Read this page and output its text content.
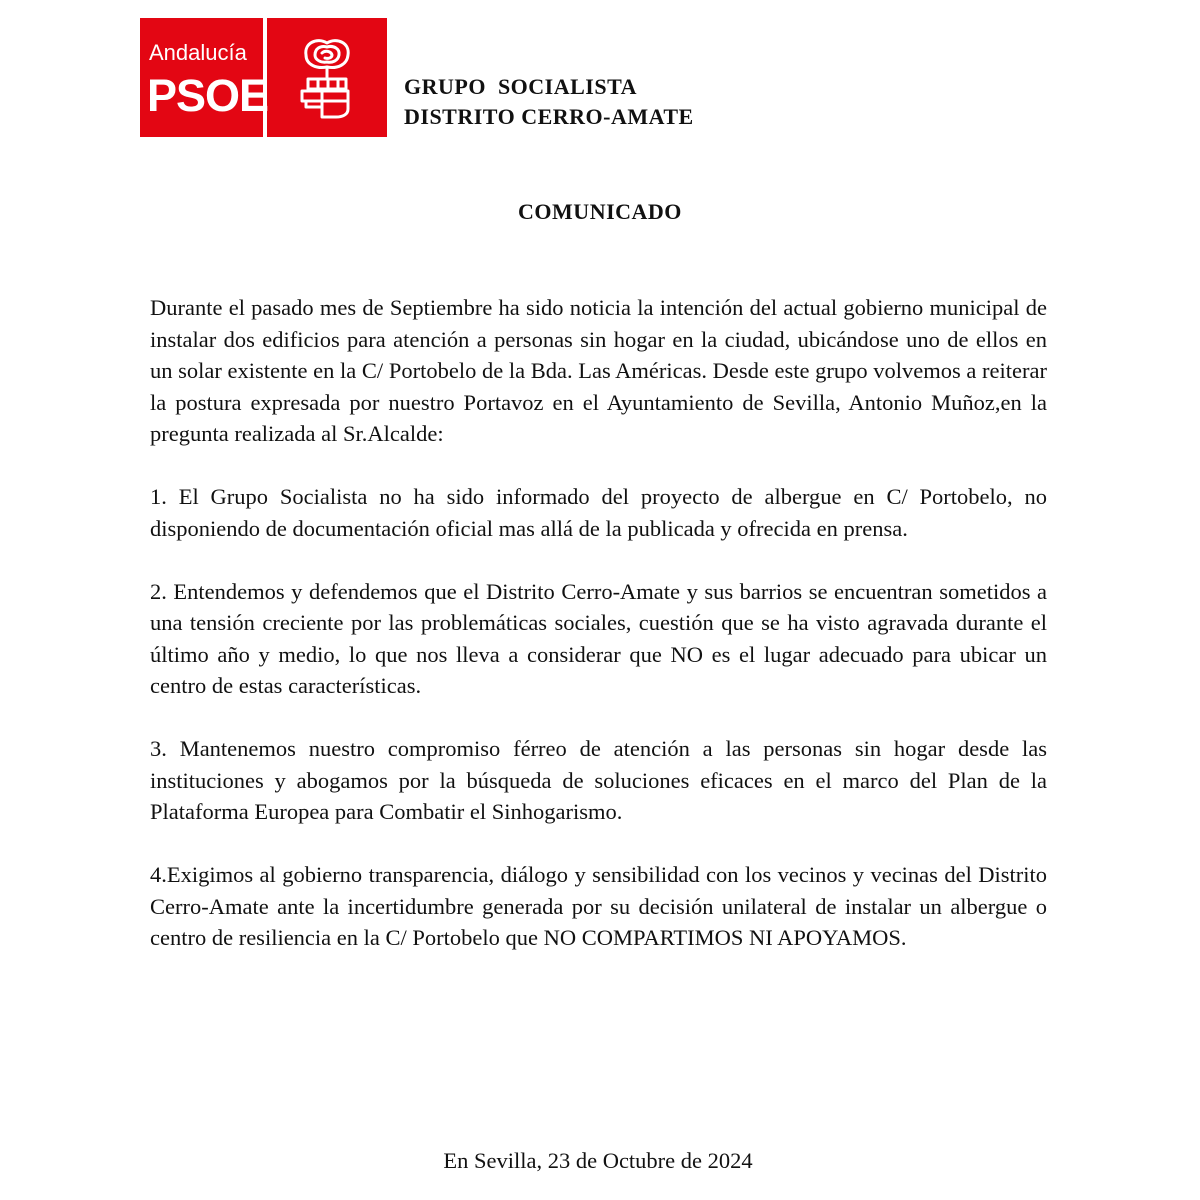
Andalucía
PSOE	GRUPO  SOCIALISTA
DISTRITO CERRO-AMATE
COMUNICADO

Durante el pasado mes de Septiembre ha sido noticia la intención del actual gobierno municipal de instalar dos edificios para atención a personas sin hogar en la ciudad, ubicándose uno de ellos en un solar existente en la C/ Portobelo de la Bda. Las Américas. Desde este grupo volvemos a reiterar la postura expresada por nuestro Portavoz en el Ayuntamiento de Sevilla, Antonio Muñoz,en la pregunta realizada al Sr.Alcalde:

1. El Grupo Socialista no ha sido informado del proyecto de albergue en C/ Portobelo, no disponiendo de documentación oficial mas allá de la publicada y ofrecida en prensa.

2. Entendemos y defendemos que el Distrito Cerro-Amate y sus barrios se encuentran sometidos a una tensión creciente por las problemáticas sociales, cuestión que se ha visto agravada durante el último año y medio, lo que nos lleva a considerar que NO es el lugar adecuado para ubicar un centro de estas características.

3. Mantenemos nuestro compromiso férreo de atención a las personas sin hogar desde las instituciones y abogamos por la búsqueda de soluciones eficaces en el marco del Plan de la Plataforma Europea para Combatir el Sinhogarismo.

4.Exigimos al gobierno transparencia, diálogo y sensibilidad con los vecinos y vecinas del Distrito Cerro-Amate ante la incertidumbre generada por su decisión unilateral de instalar un albergue o centro de resiliencia en la C/ Portobelo que NO COMPARTIMOS NI APOYAMOS.

En Sevilla, 23 de Octubre de 2024
